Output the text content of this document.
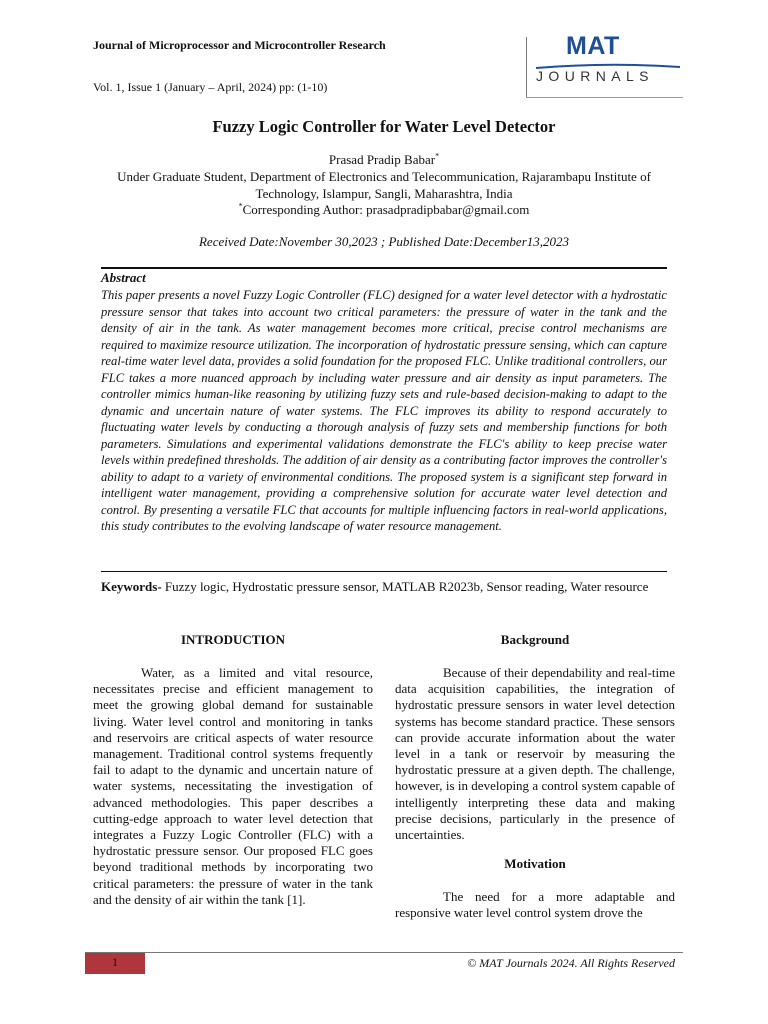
Journal of Microprocessor and Microcontroller Research
Vol. 1, Issue 1 (January – April, 2024) pp: (1-10)
MAT
JOURNALS
Fuzzy Logic Controller for Water Level Detector
Prasad Pradip Babar*
Under Graduate Student, Department of Electronics and Telecommunication, Rajarambapu Institute of Technology, Islampur, Sangli, Maharashtra, India
*Corresponding Author: prasadpradipbabar@gmail.com
Received Date:November 30,2023 ; Published Date:December13,2023
Abstract

This paper presents a novel Fuzzy Logic Controller (FLC) designed for a water level detector with a hydrostatic pressure sensor that takes into account two critical parameters: the pressure of water in the tank and the density of air in the tank. As water management becomes more critical, precise control mechanisms are required to maximize resource utilization. The incorporation of hydrostatic pressure sensing, which can capture real-time water level data, provides a solid foundation for the proposed FLC. Unlike traditional controllers, our FLC takes a more nuanced approach by including water pressure and air density as input parameters. The controller mimics human-like reasoning by utilizing fuzzy sets and rule-based decision-making to adapt to the dynamic and uncertain nature of water systems. The FLC improves its ability to respond accurately to fluctuating water levels by conducting a thorough analysis of fuzzy sets and membership functions for both parameters. Simulations and experimental validations demonstrate the FLC's ability to keep precise water levels within predefined thresholds. The addition of air density as a contributing factor improves the controller's ability to adapt to a variety of environmental conditions. The proposed system is a significant step forward in intelligent water management, providing a comprehensive solution for accurate water level detection and control. By presenting a versatile FLC that accounts for multiple influencing factors in real-world applications, this study contributes to the evolving landscape of water resource management.

Keywords- Fuzzy logic, Hydrostatic pressure sensor, MATLAB R2023b, Sensor reading, Water resource

INTRODUCTION

Water, as a limited and vital resource, necessitates precise and efficient management to meet the growing global demand for sustainable living. Water level control and monitoring in tanks and reservoirs are critical aspects of water resource management. Traditional control systems frequently fail to adapt to the dynamic and uncertain nature of water systems, necessitating the investigation of advanced methodologies. This paper describes a cutting-edge approach to water level detection that integrates a Fuzzy Logic Controller (FLC) with a hydrostatic pressure sensor. Our proposed FLC goes beyond traditional methods by incorporating two critical parameters: the pressure of water in the tank and the density of air within the tank [1].

Background

Because of their dependability and real-time data acquisition capabilities, the integration of hydrostatic pressure sensors in water level detection systems has become standard practice. These sensors can provide accurate information about the water level in a tank or reservoir by measuring the hydrostatic pressure at a given depth. The challenge, however, is in developing a control system capable of intelligently interpreting these data and making precise decisions, particularly in the presence of uncertainties.

Motivation

The need for a more adaptable and responsive water level control system drove the

1	© MAT Journals 2024. All Rights Reserved
